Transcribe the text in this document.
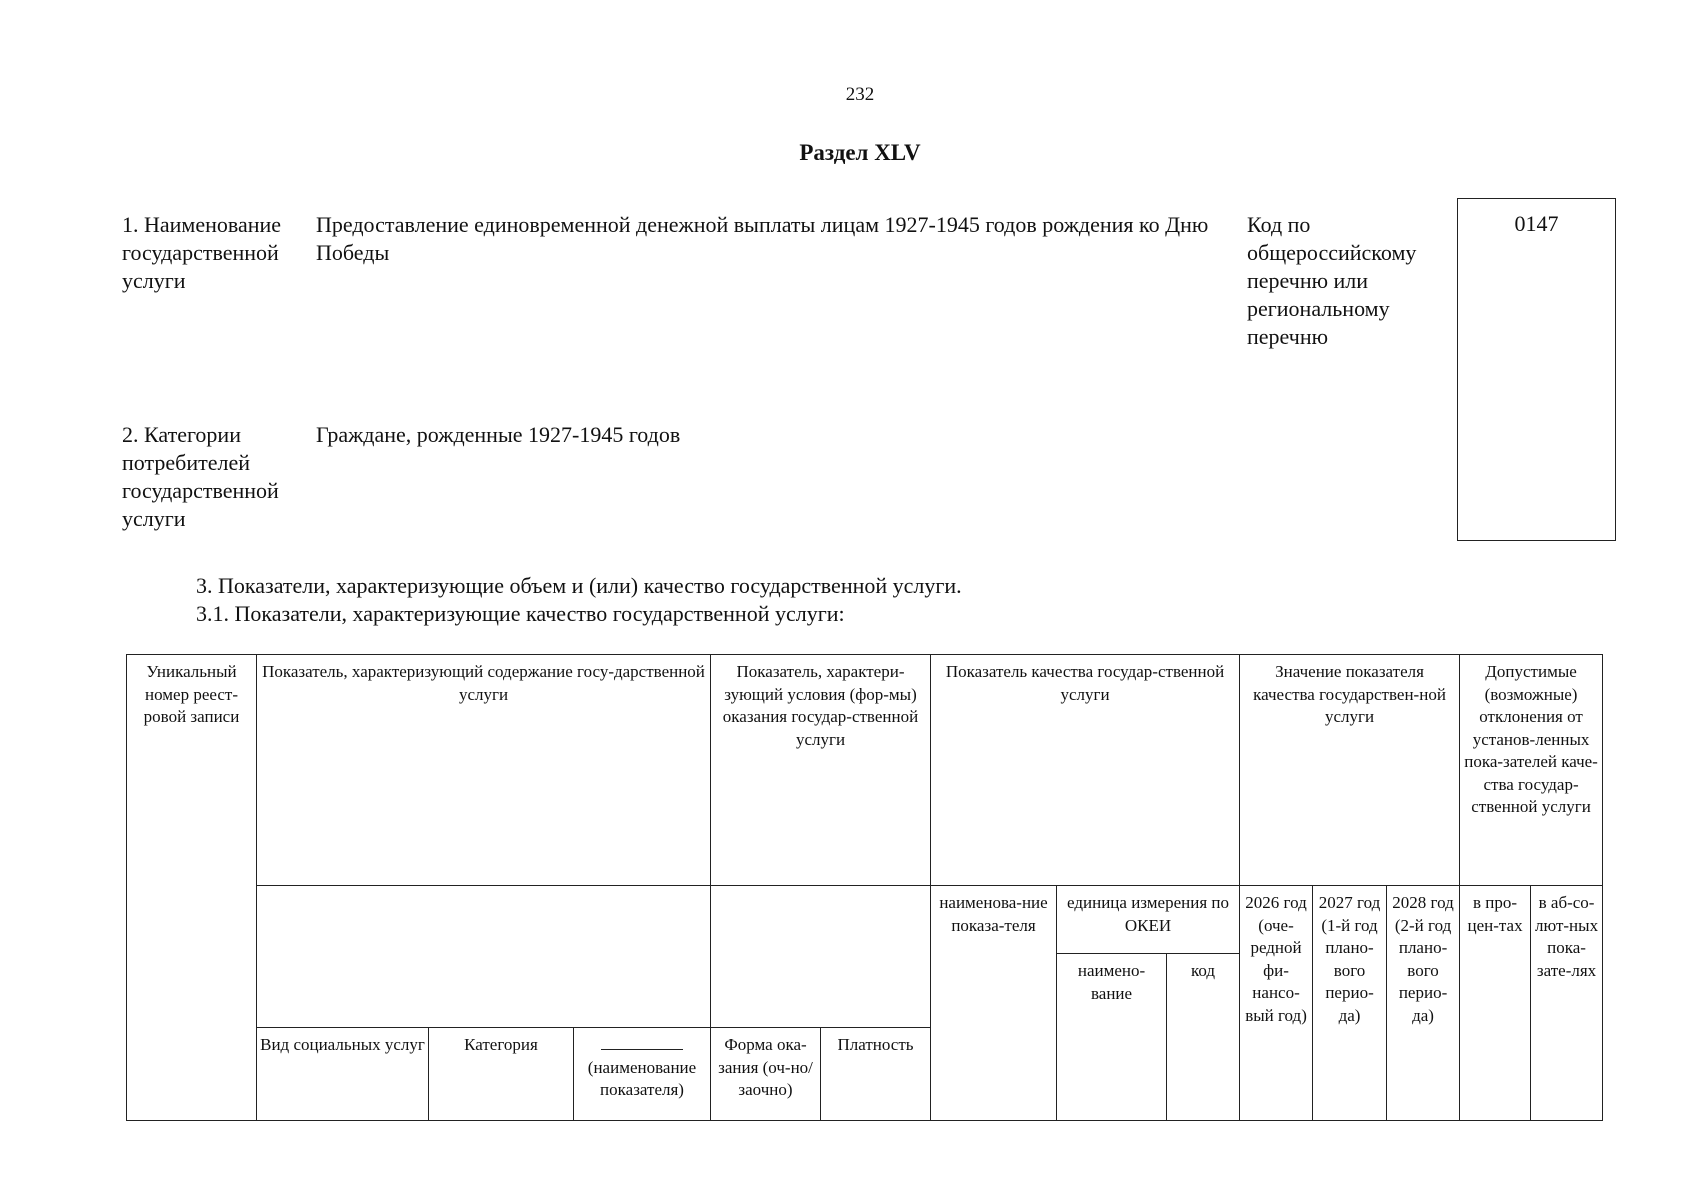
232
Раздел XLV
1. Наименование государственной услуги
Предоставление единовременной денежной выплаты лицам 1927-1945 годов рождения ко Дню Победы
Код по общероссийскому перечню или региональному перечню
0147
2. Категории потребителей государственной услуги
Граждане, рожденные 1927-1945 годов
3. Показатели, характеризующие объем и (или) качество государственной услуги.
3.1. Показатели, характеризующие качество государственной услуги:
Уникальный номер реест-ровой записи	Показатель, характеризующий содержание госу-дарственной услуги			Показатель, характери-зующий условия (фор-мы) оказания государ-ственной услуги		Показатель качества государ-ственной услуги			Значение показателя качества государствен-ной услуги			Допустимые (возможные) отклонения от установ-ленных пока-зателей каче-ства государ-ственной услуги	
						наименова-ние показа-теля	единица измерения по ОКЕИ		2026 год (оче-редной фи-нансо-вый год)	2027 год (1-й год плано-вого перио-да)	2028 год (2-й год плано-вого перио-да)	в про-цен-тах	в аб-со-лют-ных пока-зате-лях
							наимено-вание	код					
	Вид социальных услуг	Категория	(наименование показателя)	Форма ока-зания (оч-но/заочно)	Платность								
